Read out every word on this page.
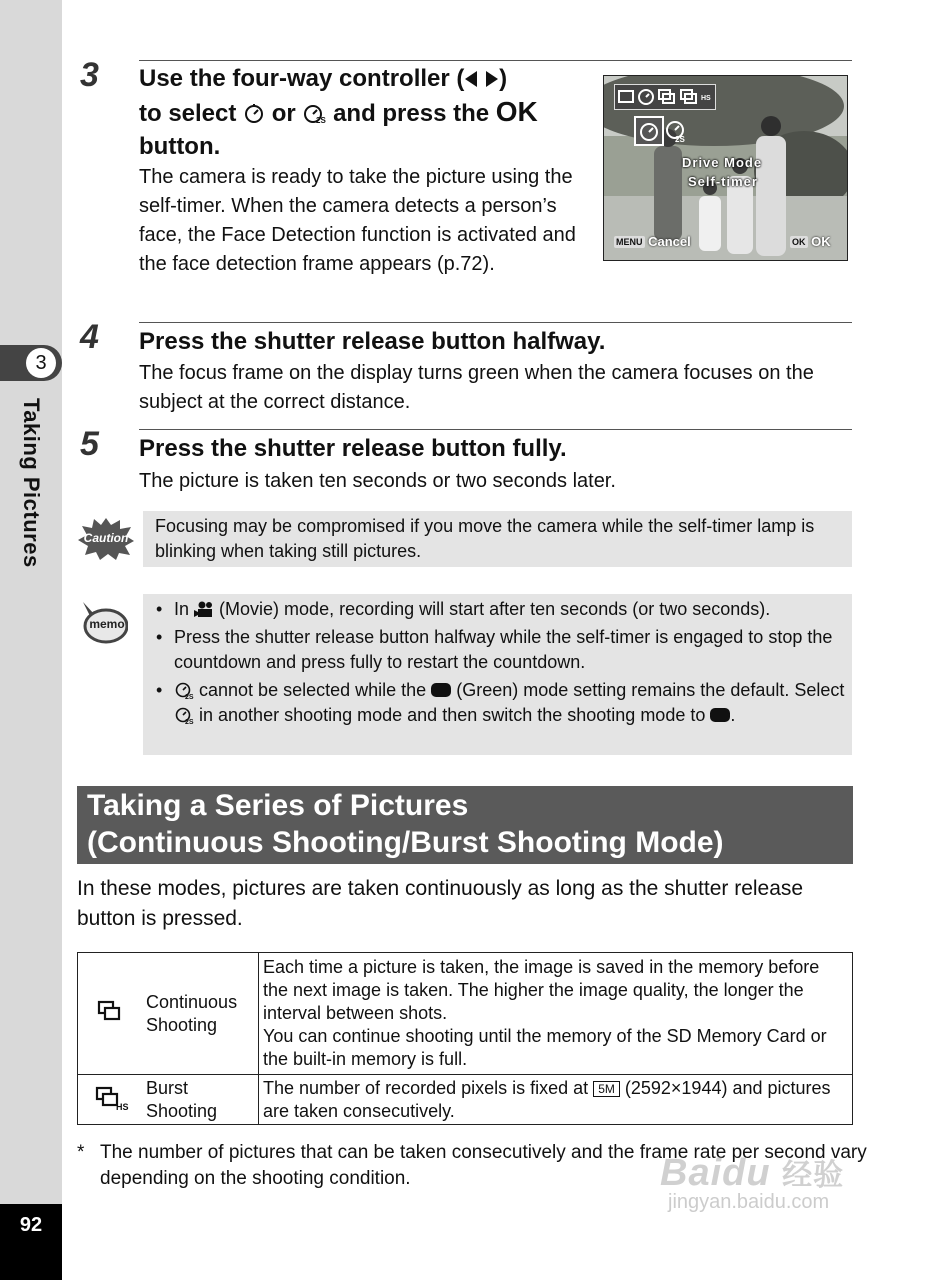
3
Taking Pictures
92
3 Use the four-way controller ( )
to select or	2S and press the OK
button.

The camera is ready to take the picture using the self-timer. When the camera detects a person’s face, the Face Detection function is activated and the face detection frame appears (p.72).

HS
2S
Drive Mode
Self-timer
MENU Cancel	OK OK
4 Press the shutter release button halfway.

The focus frame on the display turns green when the camera focuses on the subject at the correct distance.

5 Press the shutter release button fully.

The picture is taken ten seconds or two seconds later.

Caution

Focusing may be compromised if you move the camera while the self-timer lamp is blinking when taking still pictures.

memo
• In (Movie) mode, recording will start after ten seconds (or two seconds).
• Press the shutter release button halfway while the self-timer is engaged to stop the countdown and press fully to restart the countdown.
• 2S cannot be selected while the (Green) mode setting remains the default. Select
2S in another shooting mode and then switch the shooting mode to .
Taking a Series of Pictures
(Continuous Shooting/Burst Shooting Mode)

In these modes, pictures are taken continuously as long as the shutter release button is pressed.

	Continuous Shooting	Each time a picture is taken, the image is saved in the memory before the next image is taken. The higher the image quality, the longer the interval between shots.
You can continue shooting until the memory of the SD Memory Card or the built-in memory is full.

HS	Burst Shooting	The number of recorded pixels is fixed at 5M (2592×1944) and pictures are taken consecutively.

* The number of pictures that can be taken consecutively and the frame rate per second vary depending on the shooting condition.	Baidu 经验
jingyan.baidu.com
